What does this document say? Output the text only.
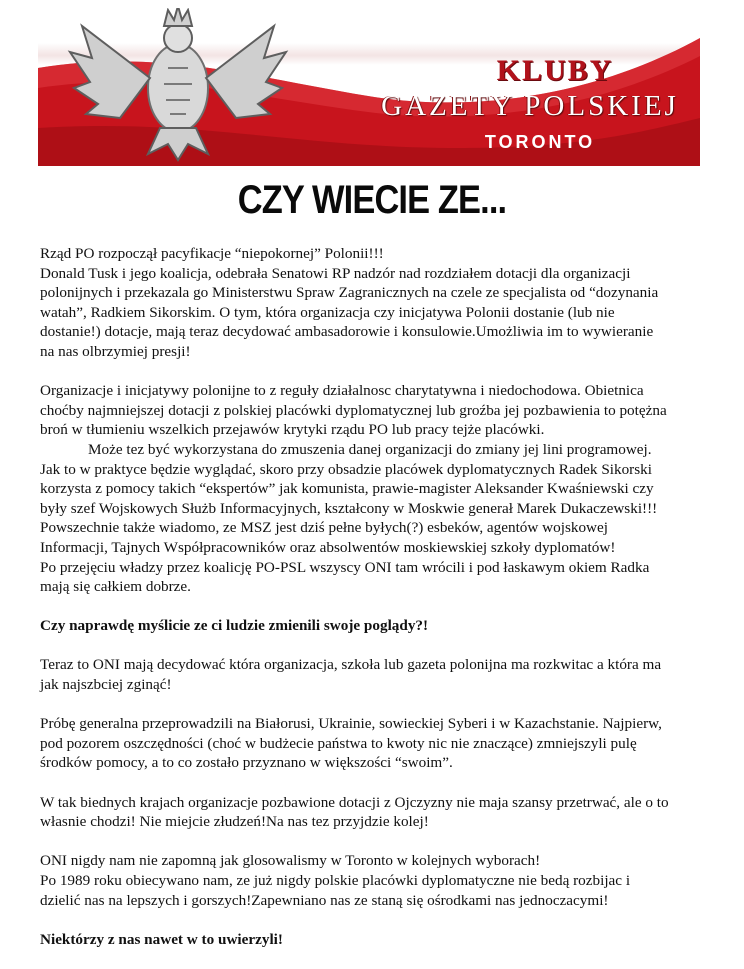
KLUBY
GAZETY POLSKIEJ
TORONTO
CZY WIECIE ZE...

Rząd PO rozpoczął pacyfikacje “niepokornej” Polonii!!!
Donald Tusk i jego koalicja, odebrała Senatowi RP nadzór nad rozdziałem dotacji dla organizacji
polonijnych i przekazala go Ministerstwu Spraw Zagranicznych na czele ze specjalista od “dozynania
watah”, Radkiem Sikorskim. O tym, która organizacja czy inicjatywa Polonii dostanie (lub nie
dostanie!) dotacje, mają teraz decydować ambasadorowie i konsulowie.Umożliwia im to wywieranie
na nas olbrzymiej presji!

Organizacje i inicjatywy polonijne to z reguły działalnosc charytatywna i niedochodowa. Obietnica
choćby najmniejszej dotacji z polskiej placówki dyplomatycznej lub groźba jej pozbawienia to potężna
broń w tłumieniu wszelkich przejawów krytyki rządu PO lub pracy tejże placówki.
Może tez być wykorzystana do zmuszenia danej organizacji do zmiany jej lini programowej.
Jak to w praktyce będzie wyglądać, skoro przy obsadzie placówek dyplomatycznych Radek Sikorski
korzysta z pomocy takich “ekspertów” jak komunista, prawie-magister Aleksander Kwaśniewski czy
były szef Wojskowych Służb Informacyjnych, kształcony w Moskwie generał Marek Dukaczewski!!!
Powszechnie także wiadomo, ze MSZ jest dziś pełne byłych(?) esbeków, agentów wojskowej
Informacji, Tajnych Współpracowników oraz absolwentów moskiewskiej szkoły dyplomatów!
Po przejęciu władzy przez koalicję PO-PSL wszyscy ONI tam wrócili i pod łaskawym okiem Radka
mają się całkiem dobrze.

Czy naprawdę myślicie ze ci ludzie zmienili swoje poglądy?!

Teraz to ONI mają decydować która organizacja, szkoła lub gazeta polonijna ma rozkwitac a która ma
jak najszbciej zginąć!

Próbę generalna przeprowadzili na Białorusi, Ukrainie, sowieckiej Syberi i w Kazachstanie. Najpierw,
pod pozorem oszczędności (choć w budżecie państwa to kwoty nic nie znaczące) zmniejszyli pulę
środków pomocy, a to co zostało przyznano w większości “swoim”.

W tak biednych krajach organizacje pozbawione dotacji z Ojczyzny nie maja szansy przetrwać, ale o to
własnie chodzi! Nie miejcie złudzeń!Na nas tez przyjdzie kolej!

ONI nigdy nam nie zapomną jak glosowalismy w Toronto w kolejnych wyborach!
Po 1989 roku obiecywano nam, ze już nigdy polskie placówki dyplomatyczne nie bedą rozbijac i
dzielić nas na lepszych i gorszych!Zapewniano nas ze staną się ośrodkami nas jednoczacymi!

Niektórzy z nas nawet w to uwierzyli!
